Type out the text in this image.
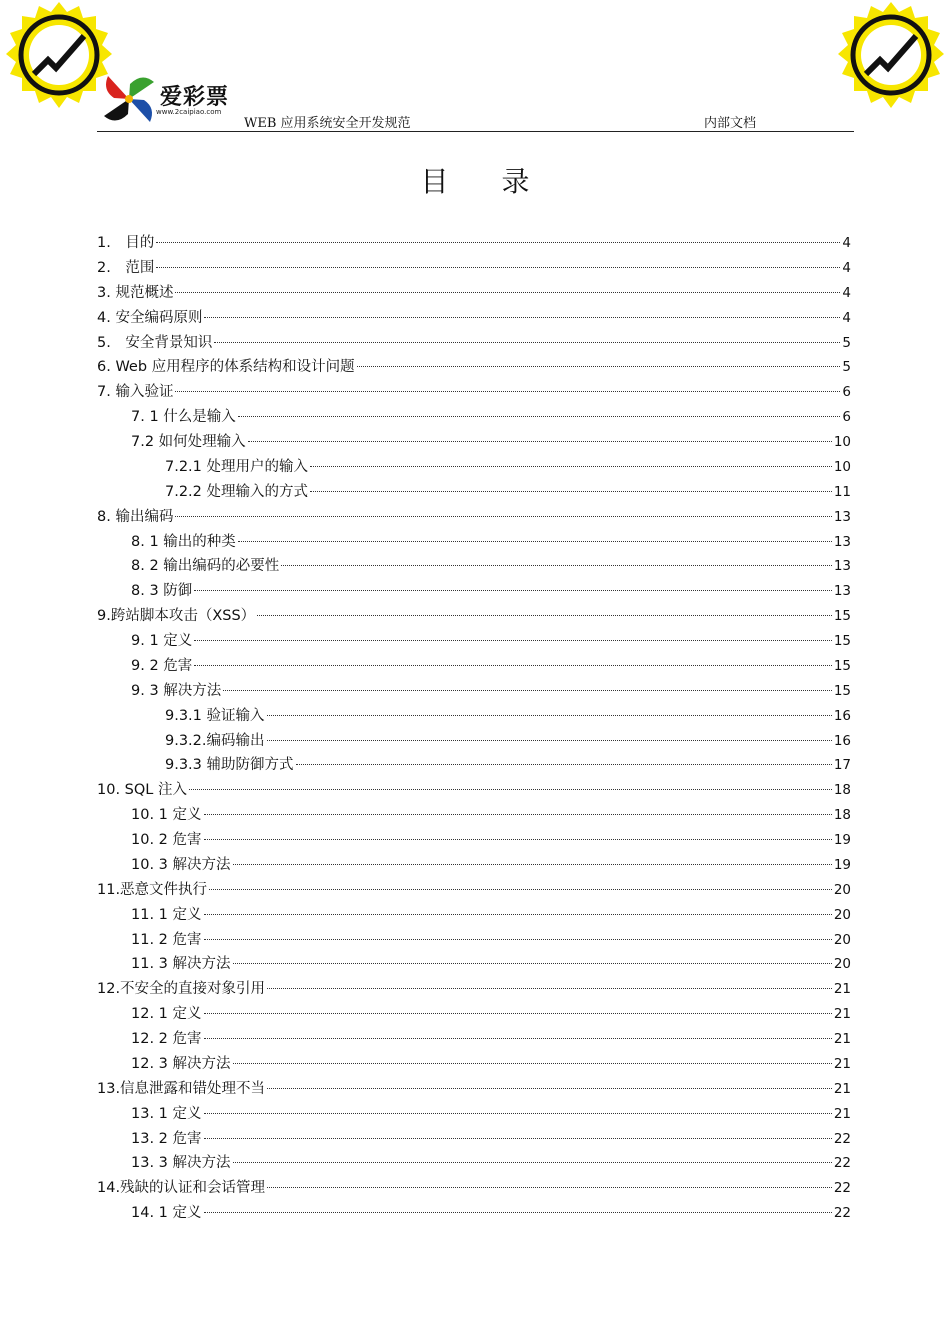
爱彩票
www.2caipiao.com
WEB 应用系统安全开发规范	内部文档
目 录
1.　目的	4
2.　范围	4
3. 规范概述	4
4. 安全编码原则	4
5.　安全背景知识	5
6. Web 应用程序的体系结构和设计问题	5
7. 输入验证	6
7. 1 什么是输入	6
7.2 如何处理输入	10
7.2.1 处理用户的输入	10
7.2.2 处理输入的方式	11
8. 输出编码	13
8. 1 输出的种类	13
8. 2 输出编码的必要性	13
8. 3 防御	13
9.跨站脚本攻击（XSS）	15
9. 1 定义	15
9. 2 危害	15
9. 3 解决方法	15
9.3.1 验证输入	16
9.3.2.编码输出	16
9.3.3 辅助防御方式	17
10. SQL 注入	18
10. 1 定义	18
10. 2 危害	19
10. 3 解决方法	19
11.恶意文件执行	20
11. 1 定义	20
11. 2 危害	20
11. 3 解决方法	20
12.不安全的直接对象引用	21
12. 1 定义	21
12. 2 危害	21
12. 3 解决方法	21
13.信息泄露和错处理不当	21
13. 1 定义	21
13. 2 危害	22
13. 3 解决方法	22
14.残缺的认证和会话管理	22
14. 1 定义	22
